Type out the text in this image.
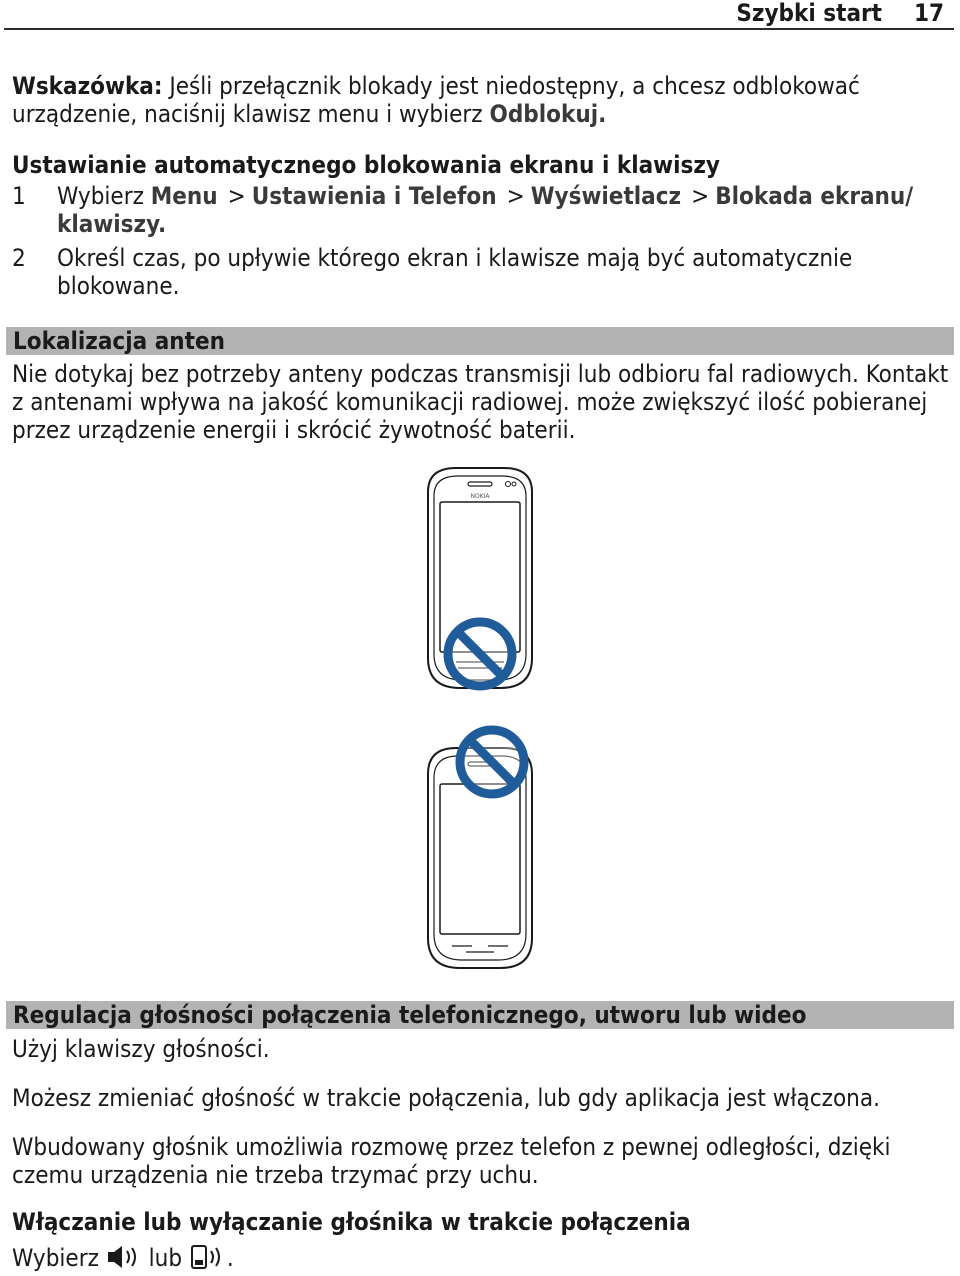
Szybki start 17
Wskazówka: Jeśli przełącznik blokady jest niedostępny, a chcesz odblokować
urządzenie, naciśnij klawisz menu i wybierz Odblokuj.
Ustawianie automatycznego blokowania ekranu i klawiszy
1 Wybierz Menu > Ustawienia i Telefon > Wyświetlacz > Blokada ekranu/
klawiszy.
2 Określ czas, po upływie którego ekran i klawisze mają być automatycznie
blokowane.
Lokalizacja anten
Nie dotykaj bez potrzeby anteny podczas transmisji lub odbioru fal radiowych. Kontakt
z antenami wpływa na jakość komunikacji radiowej. może zwiększyć ilość pobieranej
przez urządzenie energii i skrócić żywotność baterii.
NOKIA
Regulacja głośności połączenia telefonicznego, utworu lub wideo
Użyj klawiszy głośności.
Możesz zmieniać głośność w trakcie połączenia, lub gdy aplikacja jest włączona.
Wbudowany głośnik umożliwia rozmowę przez telefon z pewnej odległości, dzięki
czemu urządzenia nie trzeba trzymać przy uchu.
Włączanie lub wyłączanie głośnika w trakcie połączenia
Wybierz lub .
